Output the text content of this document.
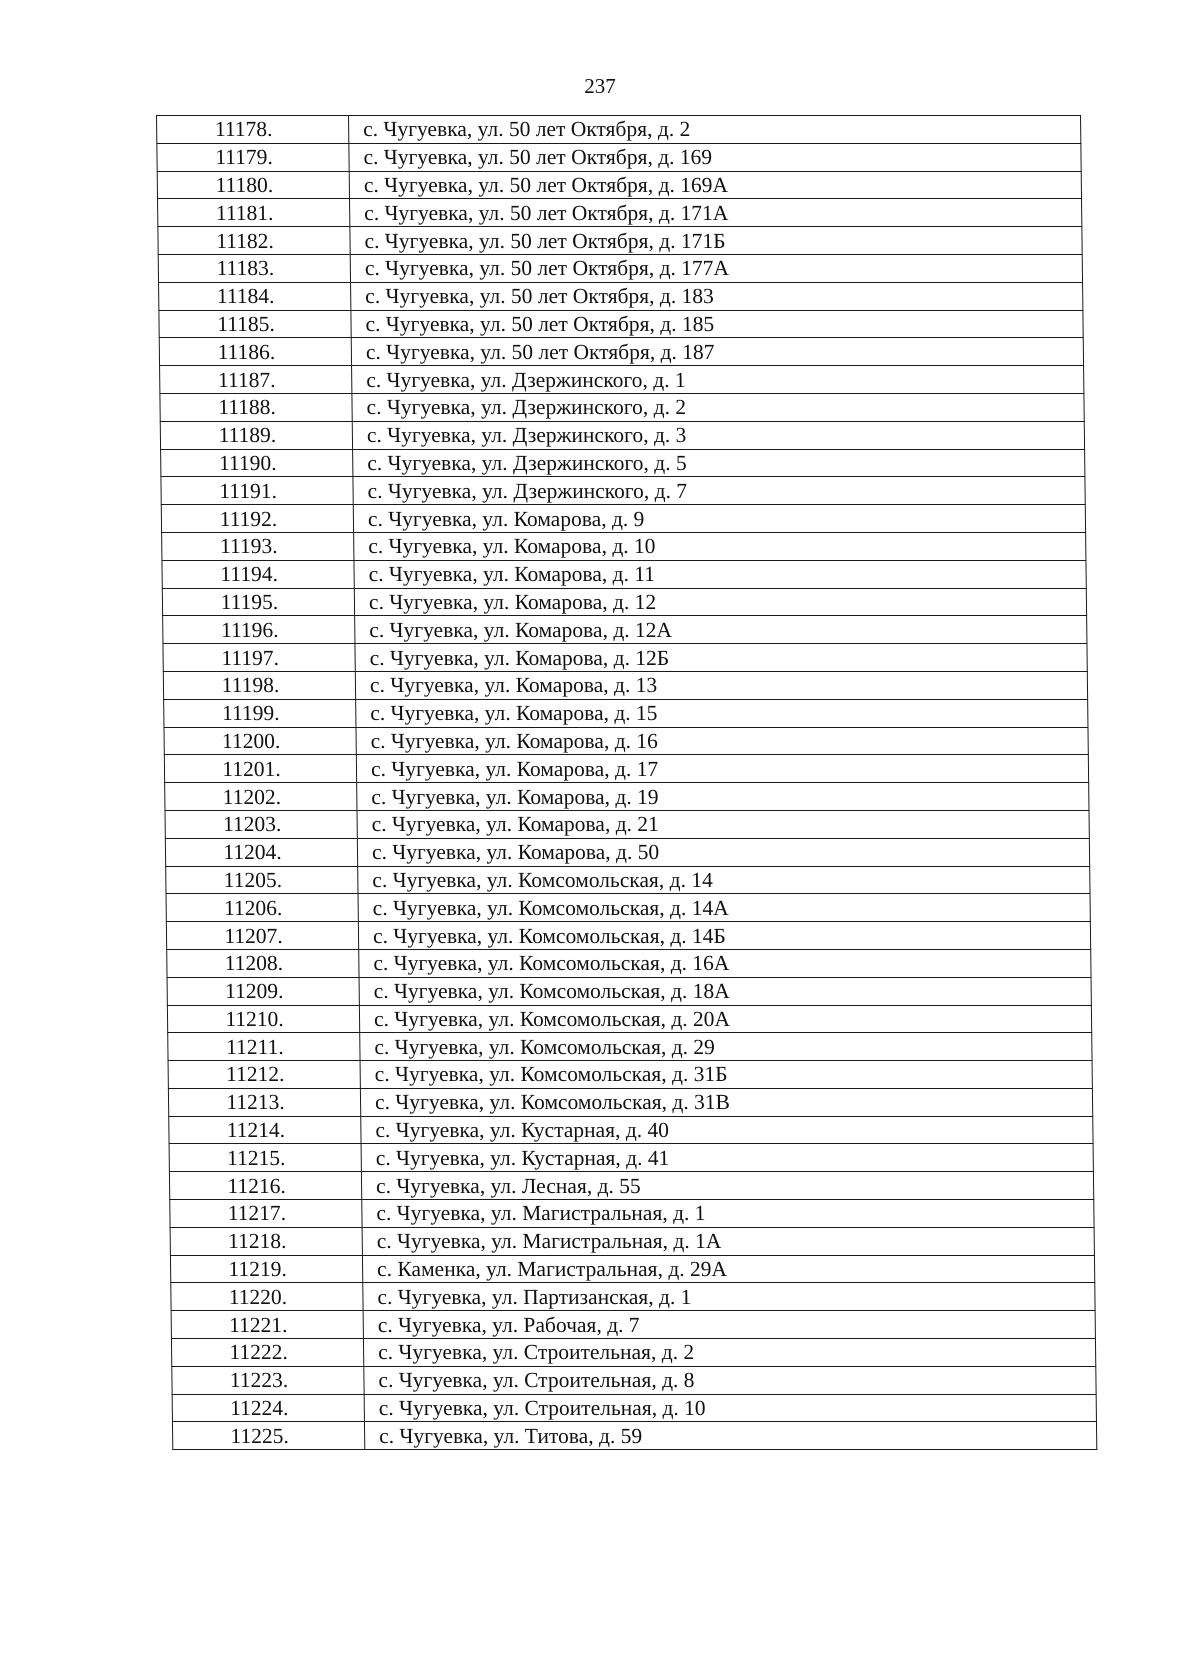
237
11178.	с. Чугуевка, ул. 50 лет Октября, д. 2
11179.	с. Чугуевка, ул. 50 лет Октября, д. 169
11180.	с. Чугуевка, ул. 50 лет Октября, д. 169А
11181.	с. Чугуевка, ул. 50 лет Октября, д. 171А
11182.	с. Чугуевка, ул. 50 лет Октября, д. 171Б
11183.	с. Чугуевка, ул. 50 лет Октября, д. 177А
11184.	с. Чугуевка, ул. 50 лет Октября, д. 183
11185.	с. Чугуевка, ул. 50 лет Октября, д. 185
11186.	с. Чугуевка, ул. 50 лет Октября, д. 187
11187.	с. Чугуевка, ул. Дзержинского, д. 1
11188.	с. Чугуевка, ул. Дзержинского, д. 2
11189.	с. Чугуевка, ул. Дзержинского, д. 3
11190.	с. Чугуевка, ул. Дзержинского, д. 5
11191.	с. Чугуевка, ул. Дзержинского, д. 7
11192.	с. Чугуевка, ул. Комарова, д. 9
11193.	с. Чугуевка, ул. Комарова, д. 10
11194.	с. Чугуевка, ул. Комарова, д. 11
11195.	с. Чугуевка, ул. Комарова, д. 12
11196.	с. Чугуевка, ул. Комарова, д. 12А
11197.	с. Чугуевка, ул. Комарова, д. 12Б
11198.	с. Чугуевка, ул. Комарова, д. 13
11199.	с. Чугуевка, ул. Комарова, д. 15
11200.	с. Чугуевка, ул. Комарова, д. 16
11201.	с. Чугуевка, ул. Комарова, д. 17
11202.	с. Чугуевка, ул. Комарова, д. 19
11203.	с. Чугуевка, ул. Комарова, д. 21
11204.	с. Чугуевка, ул. Комарова, д. 50
11205.	с. Чугуевка, ул. Комсомольская, д. 14
11206.	с. Чугуевка, ул. Комсомольская, д. 14А
11207.	с. Чугуевка, ул. Комсомольская, д. 14Б
11208.	с. Чугуевка, ул. Комсомольская, д. 16А
11209.	с. Чугуевка, ул. Комсомольская, д. 18А
11210.	с. Чугуевка, ул. Комсомольская, д. 20А
11211.	с. Чугуевка, ул. Комсомольская, д. 29
11212.	с. Чугуевка, ул. Комсомольская, д. 31Б
11213.	с. Чугуевка, ул. Комсомольская, д. 31В
11214.	с. Чугуевка, ул. Кустарная, д. 40
11215.	с. Чугуевка, ул. Кустарная, д. 41
11216.	с. Чугуевка, ул. Лесная, д. 55
11217.	с. Чугуевка, ул. Магистральная, д. 1
11218.	с. Чугуевка, ул. Магистральная, д. 1А
11219.	с. Каменка, ул. Магистральная, д. 29А
11220.	с. Чугуевка, ул. Партизанская, д. 1
11221.	с. Чугуевка, ул. Рабочая, д. 7
11222.	с. Чугуевка, ул. Строительная, д. 2
11223.	с. Чугуевка, ул. Строительная, д. 8
11224.	с. Чугуевка, ул. Строительная, д. 10
11225.	с. Чугуевка, ул. Титова, д. 59
